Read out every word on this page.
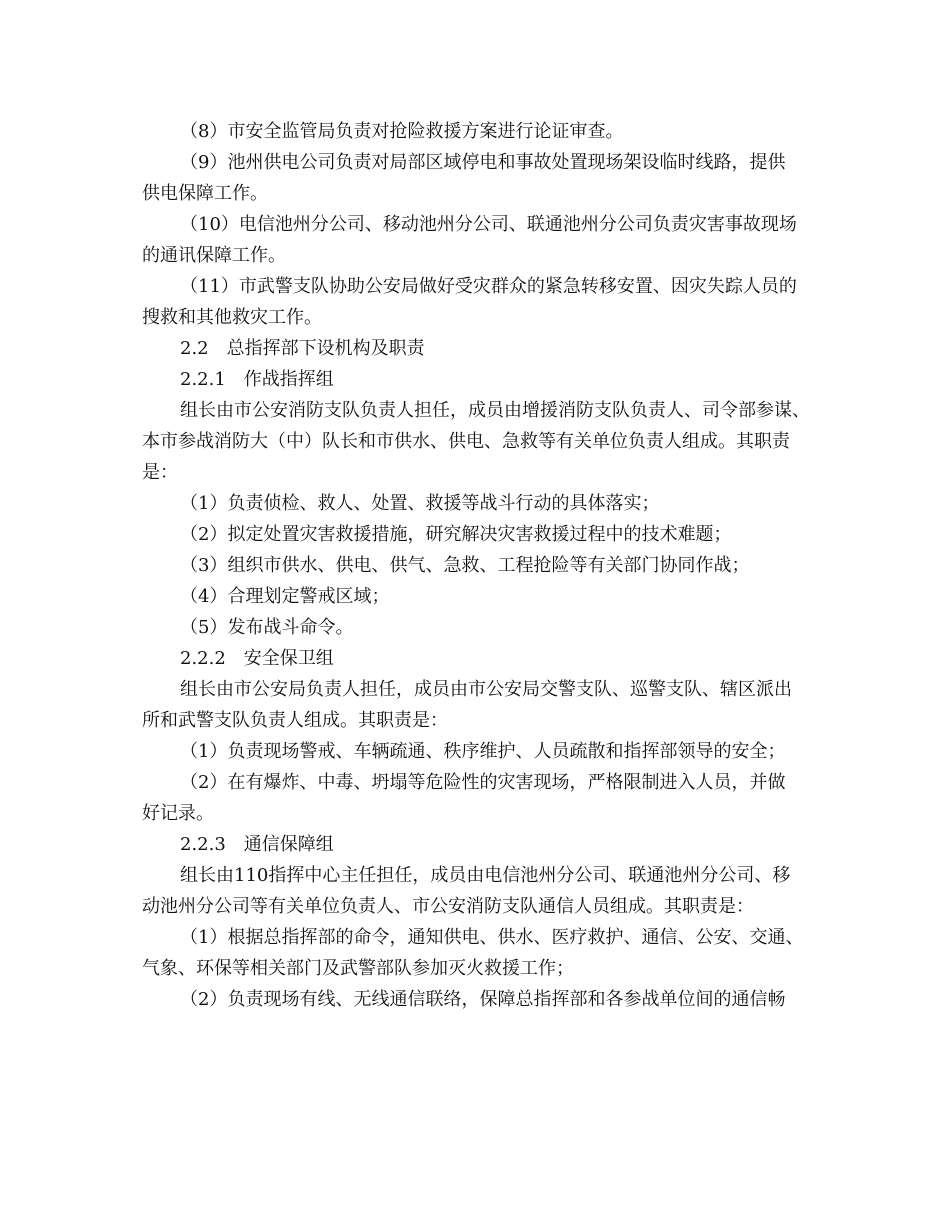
（8）市安全监管局负责对抢险救援方案进行论证审查。
（9）池州供电公司负责对局部区域停电和事故处置现场架设临时线路，提供
供电保障工作。
（10）电信池州分公司、移动池州分公司、联通池州分公司负责灾害事故现场
的通讯保障工作。
（11）市武警支队协助公安局做好受灾群众的紧急转移安置、因灾失踪人员的
搜救和其他救灾工作。
2.2　总指挥部下设机构及职责
2.2.1　作战指挥组
组长由市公安消防支队负责人担任，成员由增援消防支队负责人、司令部参谋、
本市参战消防大（中）队长和市供水、供电、急救等有关单位负责人组成。其职责
是：
（1）负责侦检、救人、处置、救援等战斗行动的具体落实；
（2）拟定处置灾害救援措施，研究解决灾害救援过程中的技术难题；
（3）组织市供水、供电、供气、急救、工程抢险等有关部门协同作战；
（4）合理划定警戒区域；
（5）发布战斗命令。
2.2.2　安全保卫组
组长由市公安局负责人担任，成员由市公安局交警支队、巡警支队、辖区派出
所和武警支队负责人组成。其职责是：
（1）负责现场警戒、车辆疏通、秩序维护、人员疏散和指挥部领导的安全；
（2）在有爆炸、中毒、坍塌等危险性的灾害现场，严格限制进入人员，并做
好记录。
2.2.3　通信保障组
组长由110指挥中心主任担任，成员由电信池州分公司、联通池州分公司、移
动池州分公司等有关单位负责人、市公安消防支队通信人员组成。其职责是：
（1）根据总指挥部的命令，通知供电、供水、医疗救护、通信、公安、交通、
气象、环保等相关部门及武警部队参加灭火救援工作；
（2）负责现场有线、无线通信联络，保障总指挥部和各参战单位间的通信畅
